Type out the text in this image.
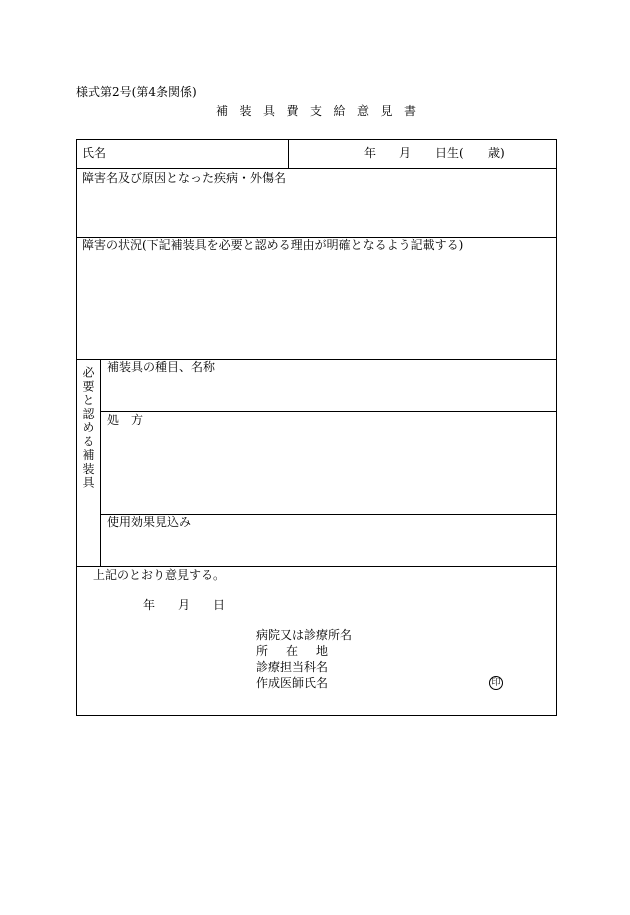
様式第2号(第4条関係)
補 装 具 費 支 給 意 見 書
氏名	年 月 日生( 歳)
障害名及び原因となった疾病・外傷名
障害の状況(下記補装具を必要と認める理由が明確となるよう記載する)
必要と認める補装具	補装具の種目、名称
処　方
使用効果見込み
上記のとおり意見する。
年 月 日
病院又は診療所名
所　　在　　地
診療担当科名
作成医師氏名	印
